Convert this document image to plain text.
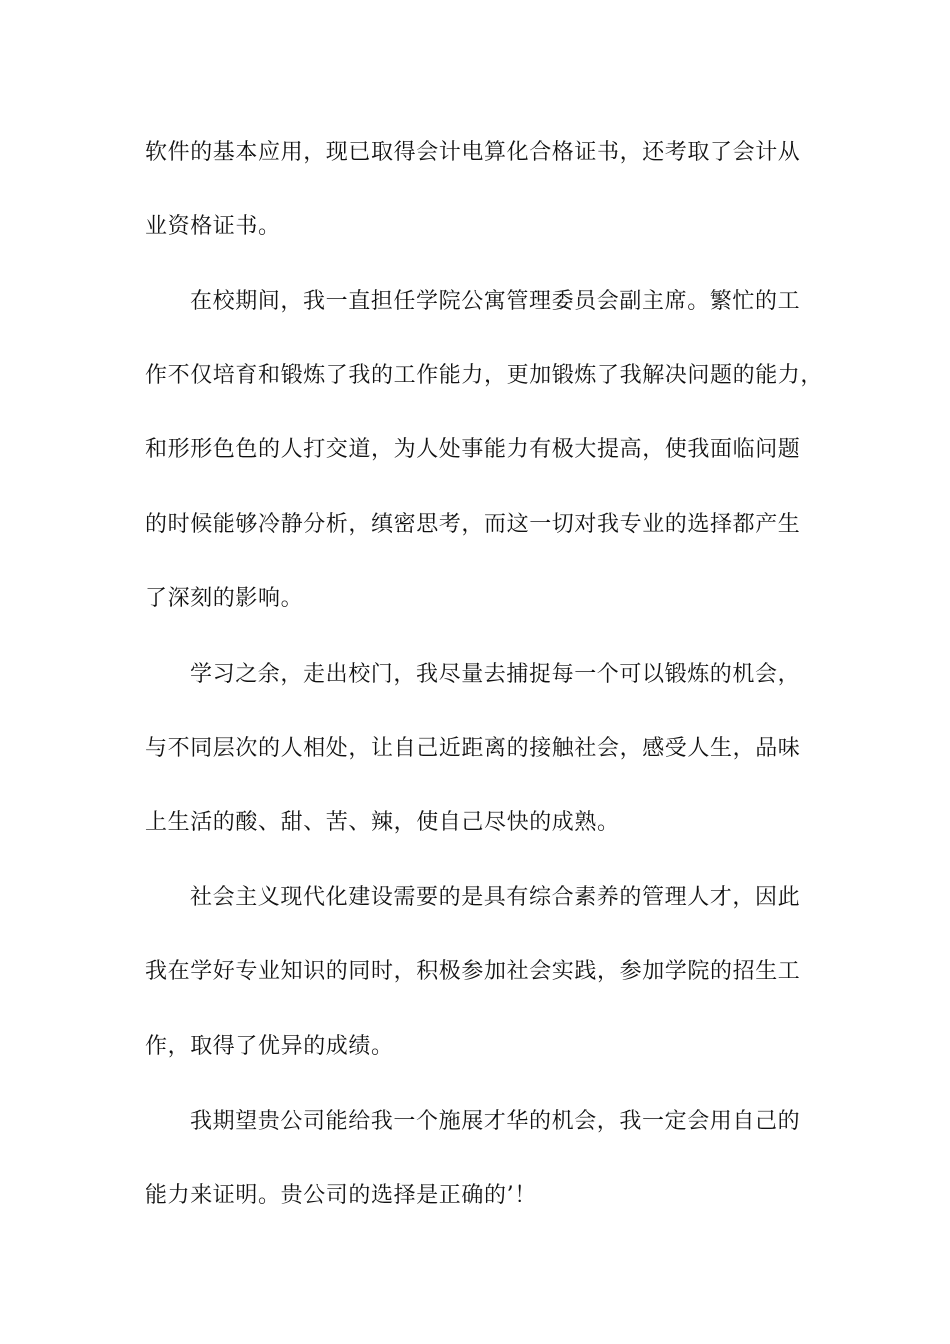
软件的基本应用，现已取得会计电算化合格证书，还考取了会计从
业资格证书。
在校期间，我一直担任学院公寓管理委员会副主席。繁忙的工
作不仅培育和锻炼了我的工作能力，更加锻炼了我解决问题的能力，
和形形色色的人打交道，为人处事能力有极大提高，使我面临问题
的时候能够冷静分析，缜密思考，而这一切对我专业的选择都产生
了深刻的影响。
学习之余，走出校门，我尽量去捕捉每一个可以锻炼的机会，
与不同层次的人相处，让自己近距离的接触社会，感受人生，品味
上生活的酸、甜、苦、辣，使自己尽快的成熟。
社会主义现代化建设需要的是具有综合素养的管理人才，因此
我在学好专业知识的同时，积极参加社会实践，参加学院的招生工
作，取得了优异的成绩。
我期望贵公司能给我一个施展才华的机会，我一定会用自己的
能力来证明。贵公司的选择是正确的’！
